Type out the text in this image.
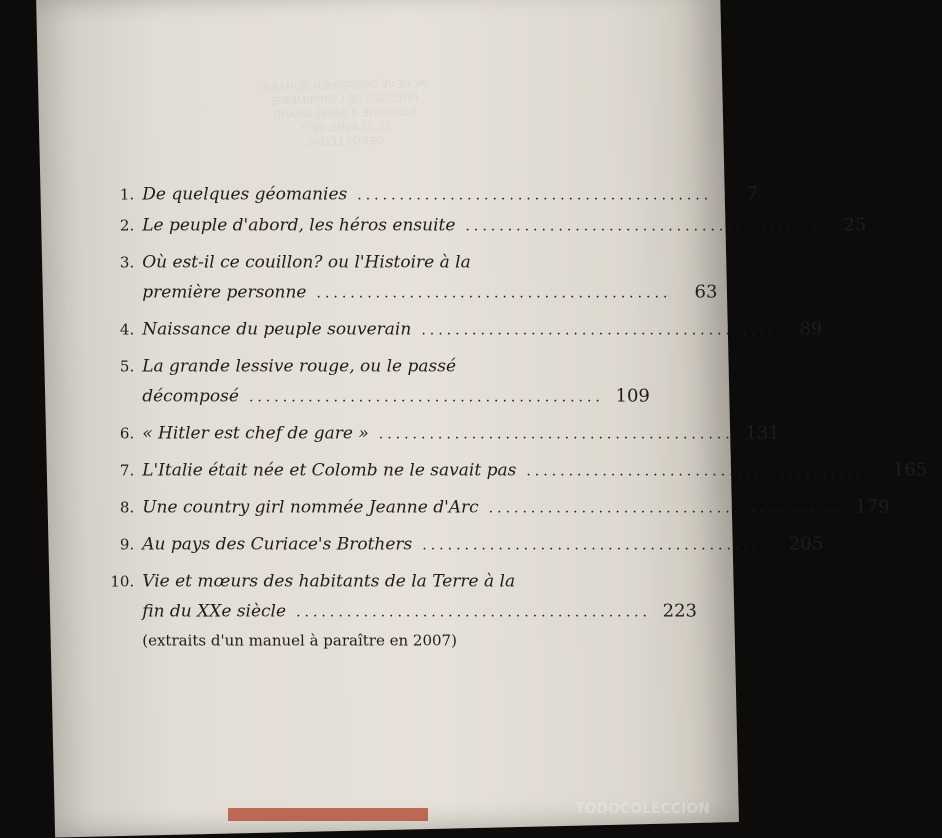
1. De quelques géomanies ..........................................	7
2. Le peuple d'abord, les héros ensuite ..........................................	25
3. Où est-il ce couillon? ou l'Histoire à la
première personne ..........................................	63
4. Naissance du peuple souverain ..........................................	89
5. La grande lessive rouge, ou le passé
décomposé .......................................... 109
6. « Hitler est chef de gare » .......................................... 131
7. L'Italie était née et Colomb ne le savait pas .......................................... 165
8. Une country girl nommée Jeanne d'Arc .......................................... 179
9. Au pays des Curiace's Brothers .......................................... 205
10. Vie et mœurs des habitants de la Terre à la
fin du XXe siècle .......................................... 223
(extraits d'un manuel à paraître en 2007)
TODOCOLECCION
